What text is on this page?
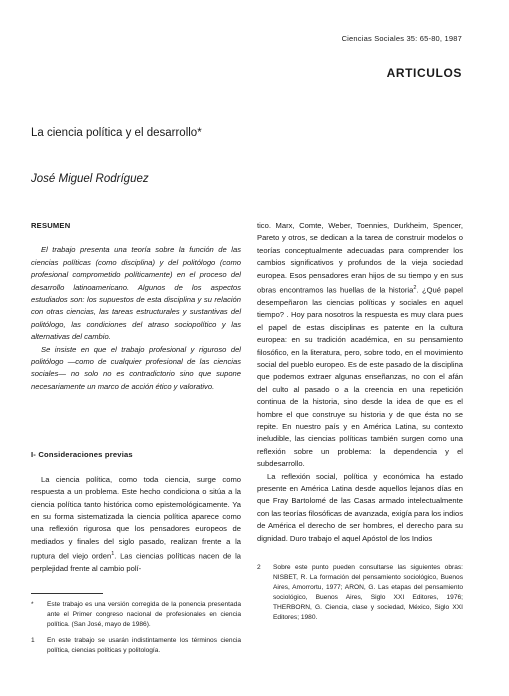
Ciencias Sociales 35: 65-80, 1987
ARTICULOS
La ciencia política y el desarrollo*
José Miguel Rodríguez
RESUMEN

El trabajo presenta una teoría sobre la función de las ciencias políticas (como disciplina) y del politólogo (como profesional comprometido políticamente) en el proceso del desarrollo latinoamericano. Algunos de los aspectos estudiados son: los supuestos de esta disciplina y su relación con otras ciencias, las tareas estructurales y sustantivas del politólogo, las condiciones del atraso sociopolítico y las alternativas del cambio.

Se insiste en que el trabajo profesional y riguroso del politólogo —como de cualquier profesional de las ciencias sociales— no solo no es contradictorio sino que supone necesariamente un marco de acción ético y valorativo.

I- Consideraciones previas

La ciencia política, como toda ciencia, surge como respuesta a un problema. Este hecho condiciona o sitúa a la ciencia política tanto histórica como epistemológicamente. Ya en su forma sistematizada la ciencia política aparece como una reflexión rigurosa que los pensadores europeos de mediados y finales del siglo pasado, realizan frente a la ruptura del viejo orden$^1$. Las ciencias políticas nacen de la perplejidad frente al cambio polí-

*	Este trabajo es una versión corregida de la ponencia presentada ante el Primer congreso nacional de profesionales en ciencia política. (San José, mayo de 1986).
1	En este trabajo se usarán indistintamente los términos ciencia política, ciencias políticas y politología.

tico. Marx, Comte, Weber, Toennies, Durkheim, Spencer, Pareto y otros, se dedican a la tarea de construir modelos o teorías conceptualmente adecuadas para comprender los cambios significativos y profundos de la vieja sociedad europea. Esos pensadores eran hijos de su tiempo y en sus obras encontramos las huellas de la historia$^2$. ¿Qué papel desempeñaron las ciencias políticas y sociales en aquel tiempo? . Hoy para nosotros la respuesta es muy clara pues el papel de estas disciplinas es patente en la cultura europea: en su tradición académica, en su pensamiento filosófico, en la literatura, pero, sobre todo, en el movimiento social del pueblo europeo. Es de este pasado de la disciplina que podemos extraer algunas enseñanzas, no con el afán del culto al pasado o a la creencia en una repetición continua de la historia, sino desde la idea de que es el hombre el que construye su historia y de que ésta no se repite. En nuestro país y en América Latina, su contexto ineludible, las ciencias políticas también surgen como una reflexión sobre un problema: la dependencia y el subdesarrollo.

La reflexión social, política y económica ha estado presente en América Latina desde aquellos lejanos días en que Fray Bartolomé de las Casas armado intelectualmente con las teorías filosóficas de avanzada, exigía para los indios de América el derecho de ser hombres, el derecho para su dignidad. Duro trabajo el aquel Apóstol de los Indios

2	Sobre este punto pueden consultarse las siguientes obras: NISBET, R. La formación del pensamiento sociológico, Buenos Aires, Amorrortu, 1977; ARON, G. Las etapas del pensamiento sociológico, Buenos Aires, Siglo XXI Editores, 1976; THERBORN, G. Ciencia, clase y sociedad, México, Siglo XXI Editores; 1980.
